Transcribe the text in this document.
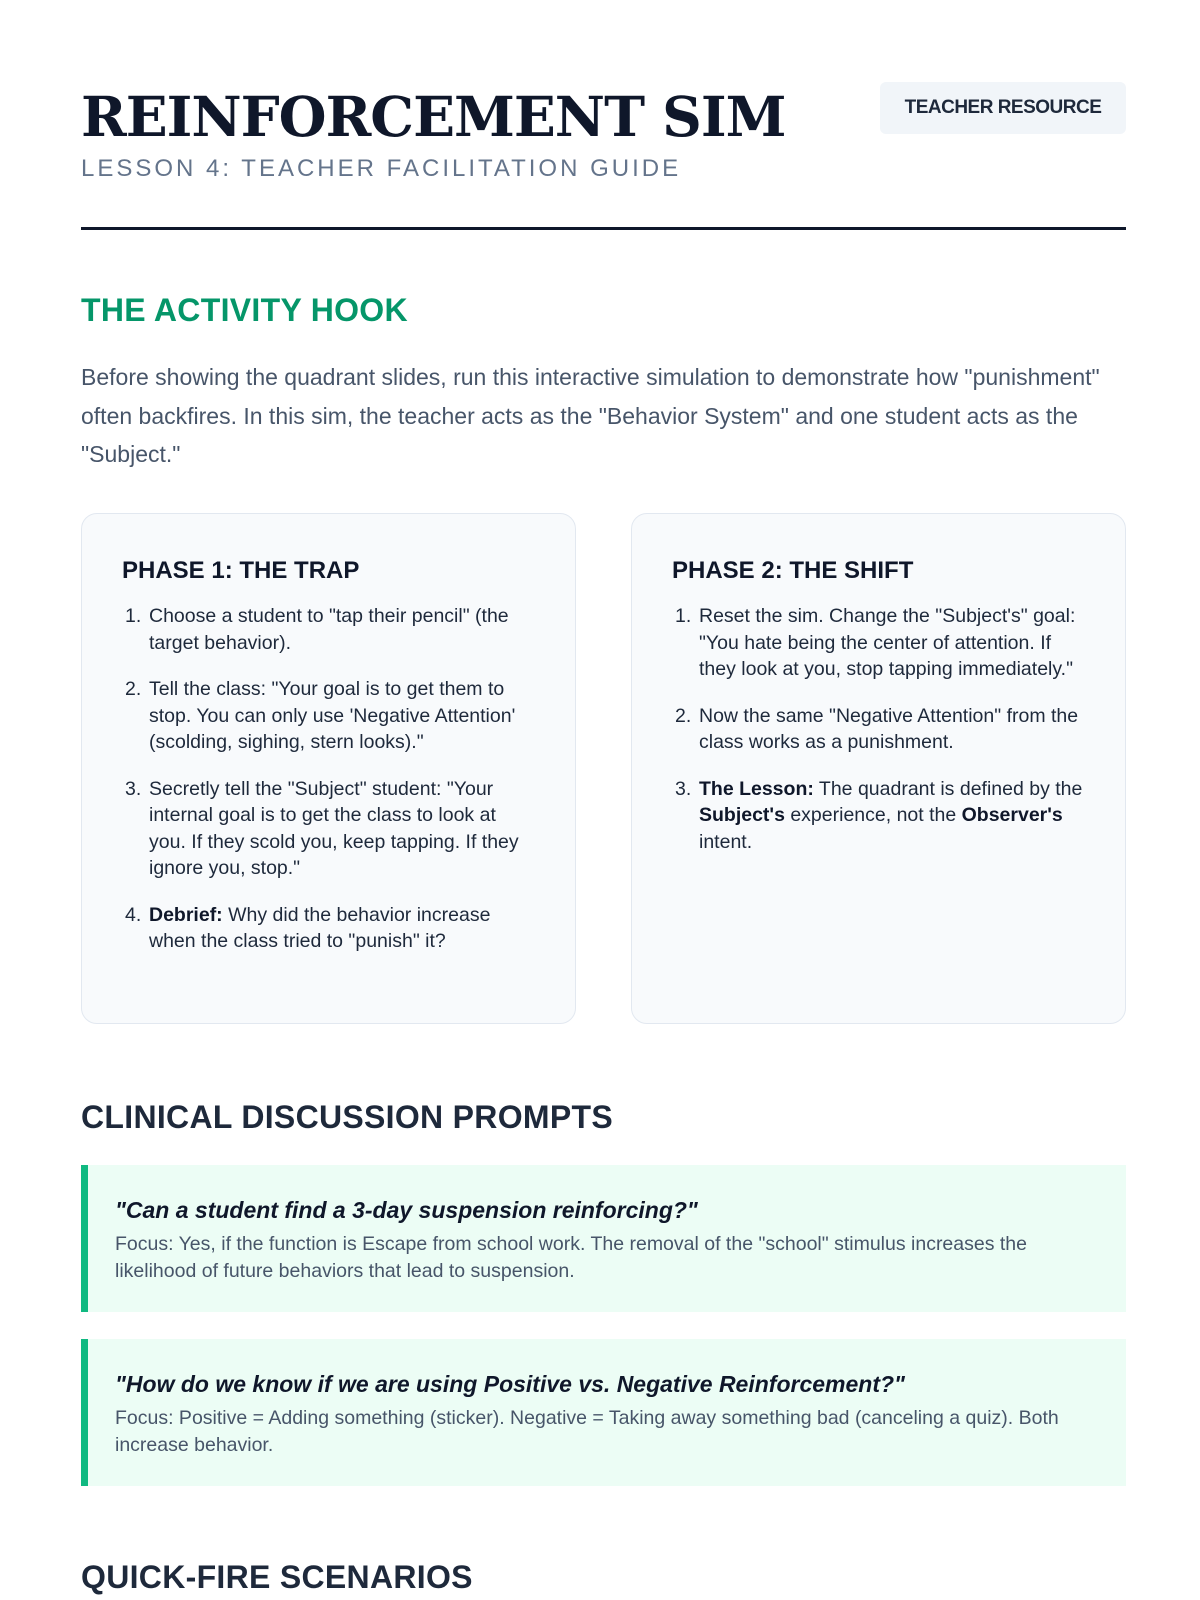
REINFORCEMENT SIM
LESSON 4: TEACHER FACILITATION GUIDE
TEACHER RESOURCE
THE ACTIVITY HOOK

Before showing the quadrant slides, run this interactive simulation to demonstrate how "punishment" often backfires. In this sim, the teacher acts as the "Behavior System" and one student acts as the "Subject."

PHASE 1: THE TRAP
1. Choose a student to "tap their pencil" (the target behavior).
2. Tell the class: "Your goal is to get them to stop. You can only use 'Negative Attention' (scolding, sighing, stern looks)."
3. Secretly tell the "Subject" student: "Your internal goal is to get the class to look at you. If they scold you, keep tapping. If they ignore you, stop."
4. Debrief: Why did the behavior increase when the class tried to "punish" it?
PHASE 2: THE SHIFT
1. Reset the sim. Change the "Subject's" goal: "You hate being the center of attention. If they look at you, stop tapping immediately."
2. Now the same "Negative Attention" from the class works as a punishment.
3. The Lesson: The quadrant is defined by the Subject's experience, not the Observer's intent.
CLINICAL DISCUSSION PROMPTS
"Can a student find a 3-day suspension reinforcing?"
Focus: Yes, if the function is Escape from school work. The removal of the "school" stimulus increases the likelihood of future behaviors that lead to suspension.
"How do we know if we are using Positive vs. Negative Reinforcement?"
Focus: Positive = Adding something (sticker). Negative = Taking away something bad (canceling a quiz). Both increase behavior.
QUICK-FIRE SCENARIOS
